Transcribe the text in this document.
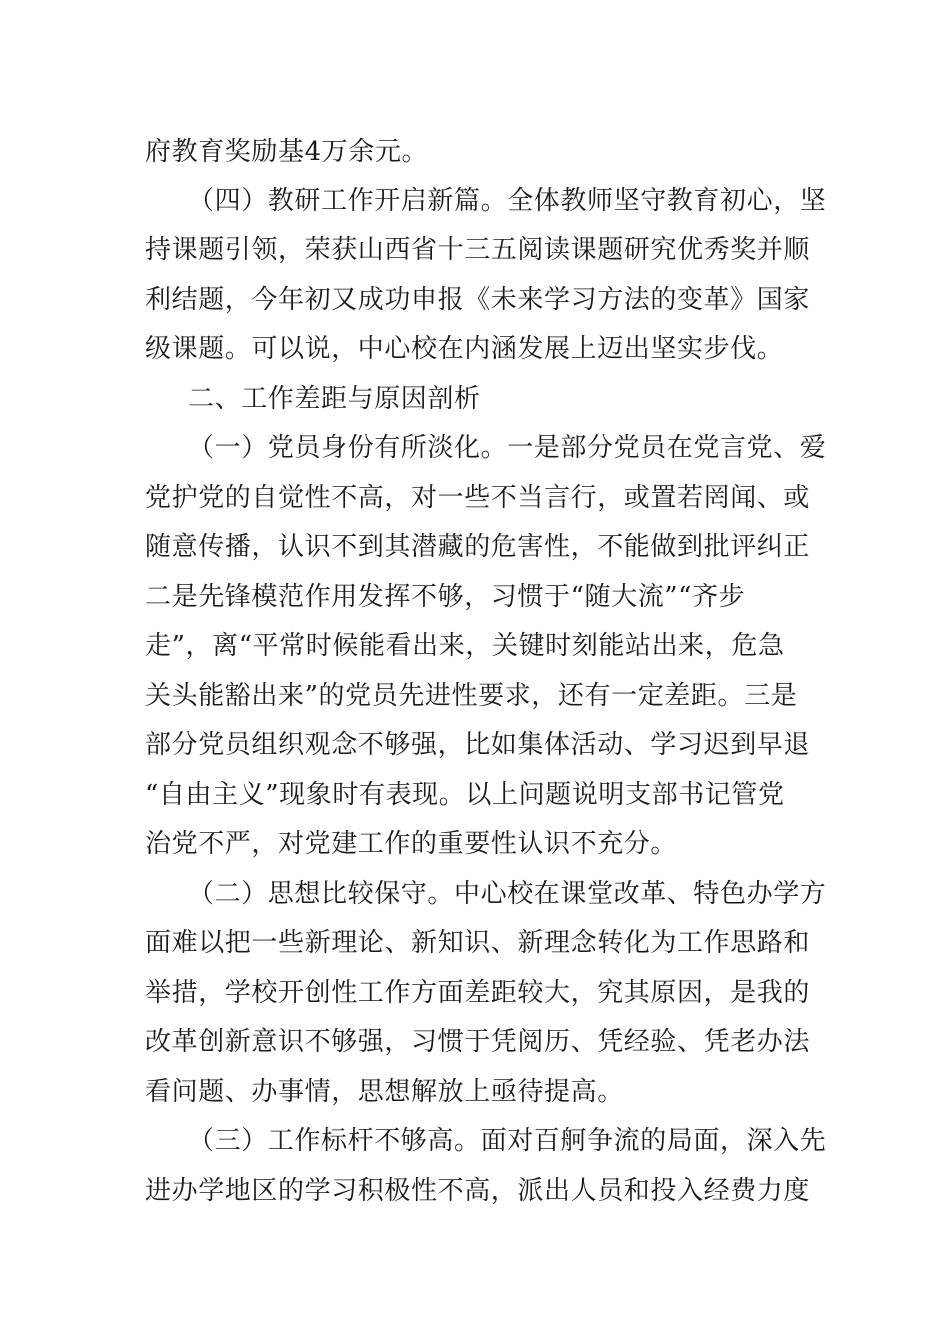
府教育奖励基4万余元。
（四）教研工作开启新篇。全体教师坚守教育初心，坚
持课题引领，荣获山西省十三五阅读课题研究优秀奖并顺
利结题，今年初又成功申报《未来学习方法的变革》国家
级课题。可以说，中心校在内涵发展上迈出坚实步伐。
二、工作差距与原因剖析
（一）党员身份有所淡化。一是部分党员在党言党、爱
党护党的自觉性不高，对一些不当言行，或置若罔闻、或
随意传播，认识不到其潜藏的危害性，不能做到批评纠正
二是先锋模范作用发挥不够，习惯于“随大流”“齐步
走”，离“平常时候能看出来，关键时刻能站出来，危急
关头能豁出来”的党员先进性要求，还有一定差距。三是
部分党员组织观念不够强，比如集体活动、学习迟到早退
“自由主义”现象时有表现。以上问题说明支部书记管党
治党不严，对党建工作的重要性认识不充分。
（二）思想比较保守。中心校在课堂改革、特色办学方
面难以把一些新理论、新知识、新理念转化为工作思路和
举措，学校开创性工作方面差距较大，究其原因，是我的
改革创新意识不够强，习惯于凭阅历、凭经验、凭老办法
看问题、办事情，思想解放上亟待提高。
（三）工作标杆不够高。面对百舸争流的局面，深入先
进办学地区的学习积极性不高，派出人员和投入经费力度
